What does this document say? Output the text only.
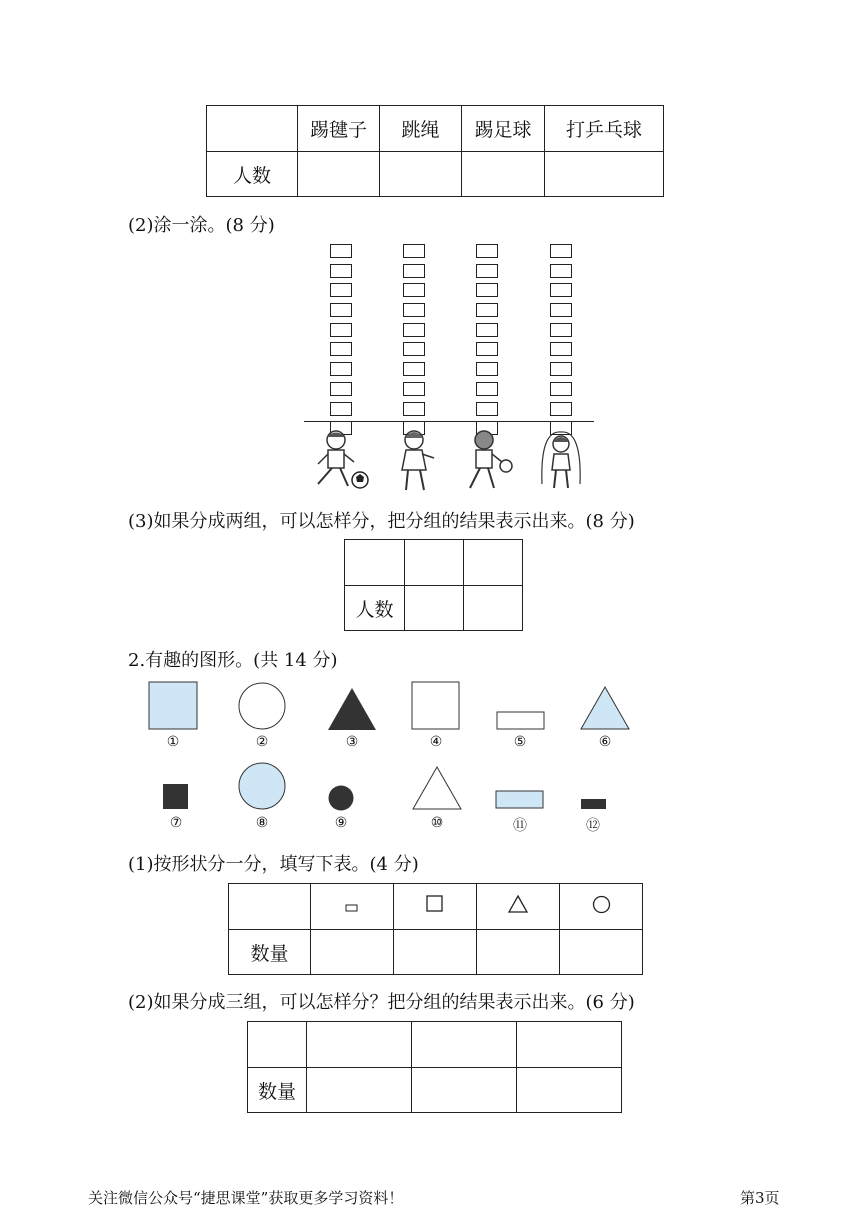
	踢毽子	跳绳	踢足球	打乒乓球
人数				
(2)涂一涂。(8 分)
(3)如果分成两组，可以怎样分，把分组的结果表示出来。(8 分)

人数		
2.有趣的图形。(共 14 分)
①	②	③	④	⑤	⑥
⑦	⑧	⑨	⑩	⑪	⑫
(1)按形状分一分，填写下表。(4 分)

数量				
(2)如果分成三组，可以怎样分？把分组的结果表示出来。(6 分)

数量			
关注微信公众号“捷思课堂”获取更多学习资料！	第3页
